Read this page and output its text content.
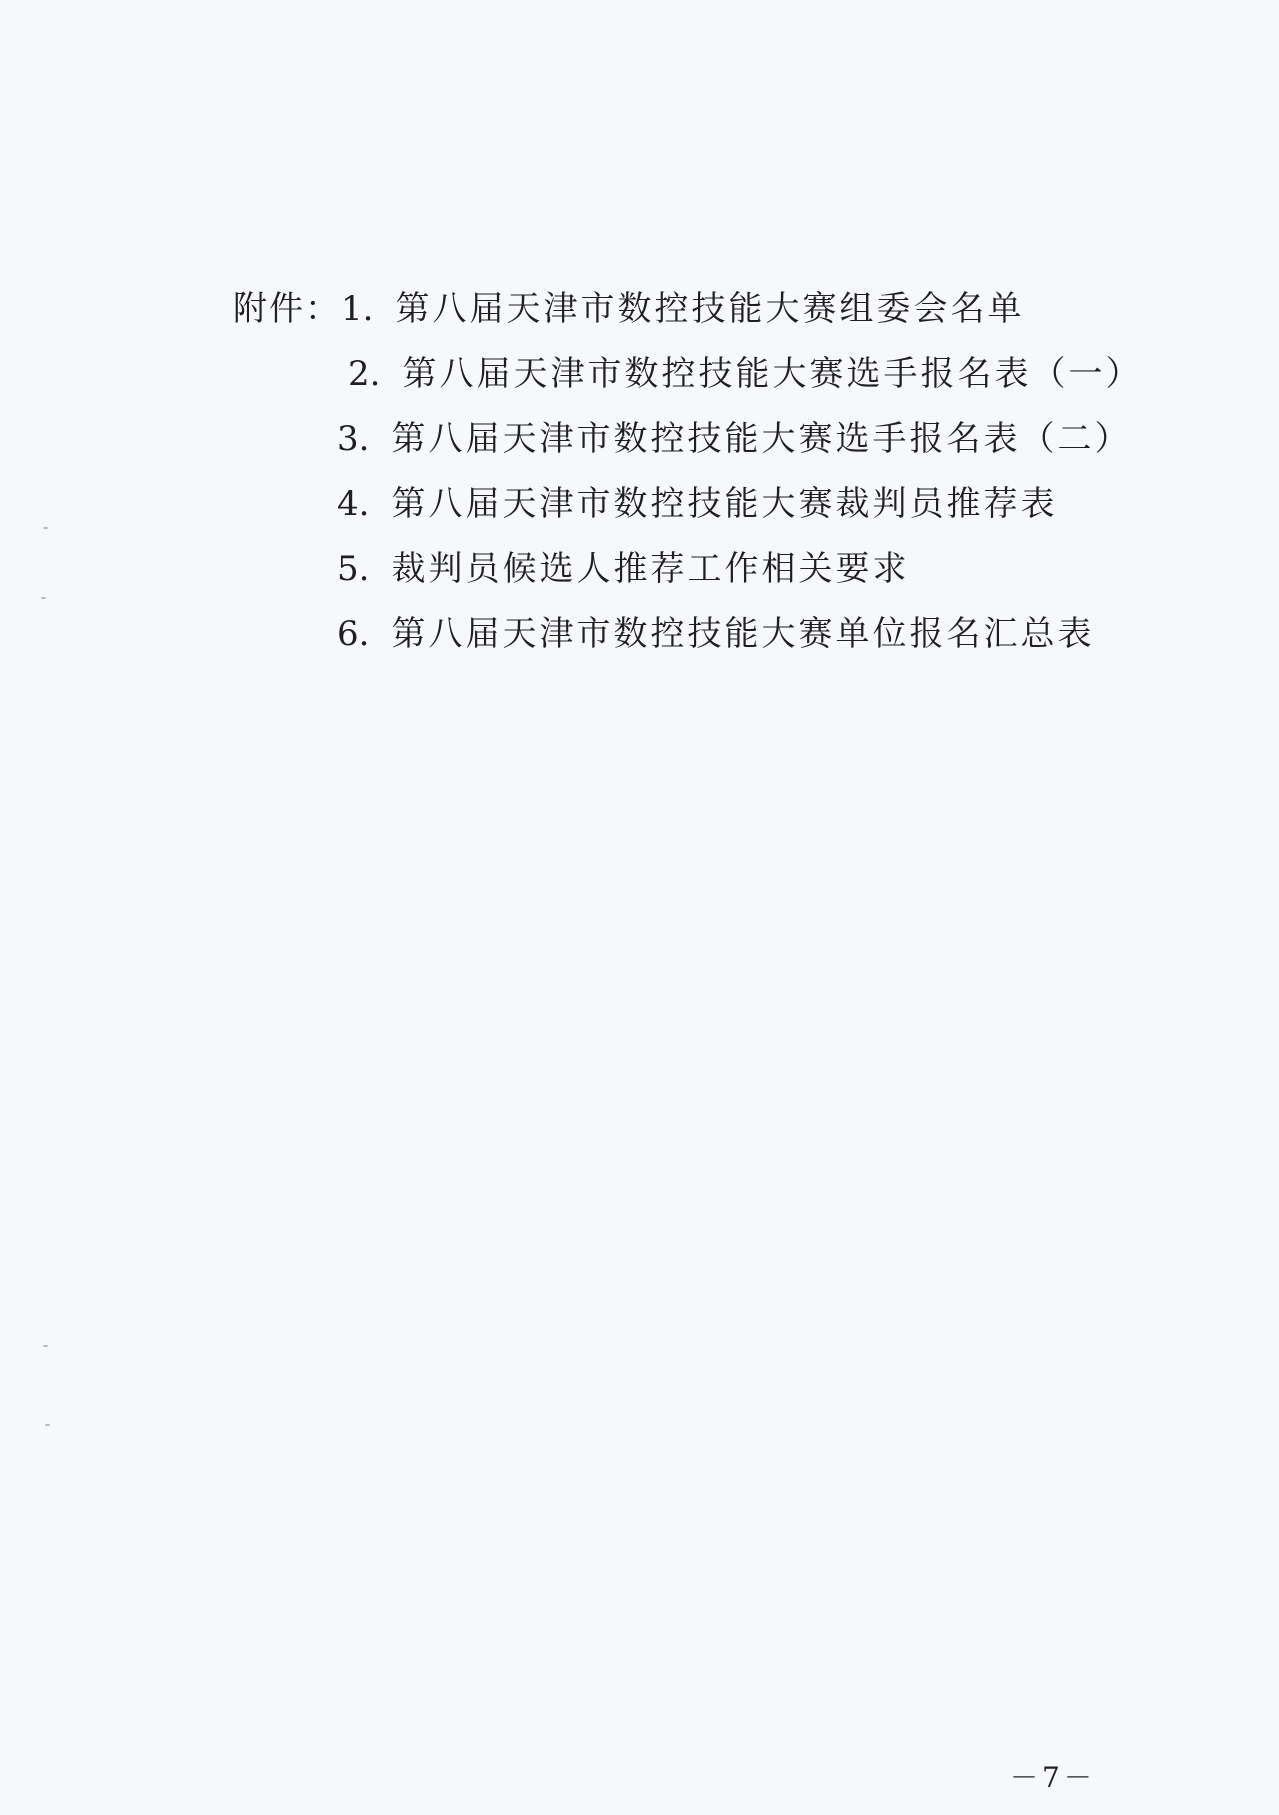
附件： 1. 第八届天津市数控技能大赛组委会名单
2. 第八届天津市数控技能大赛选手报名表（一）
3. 第八届天津市数控技能大赛选手报名表（二）
4. 第八届天津市数控技能大赛裁判员推荐表
5. 裁判员候选人推荐工作相关要求
6. 第八届天津市数控技能大赛单位报名汇总表
－7－
